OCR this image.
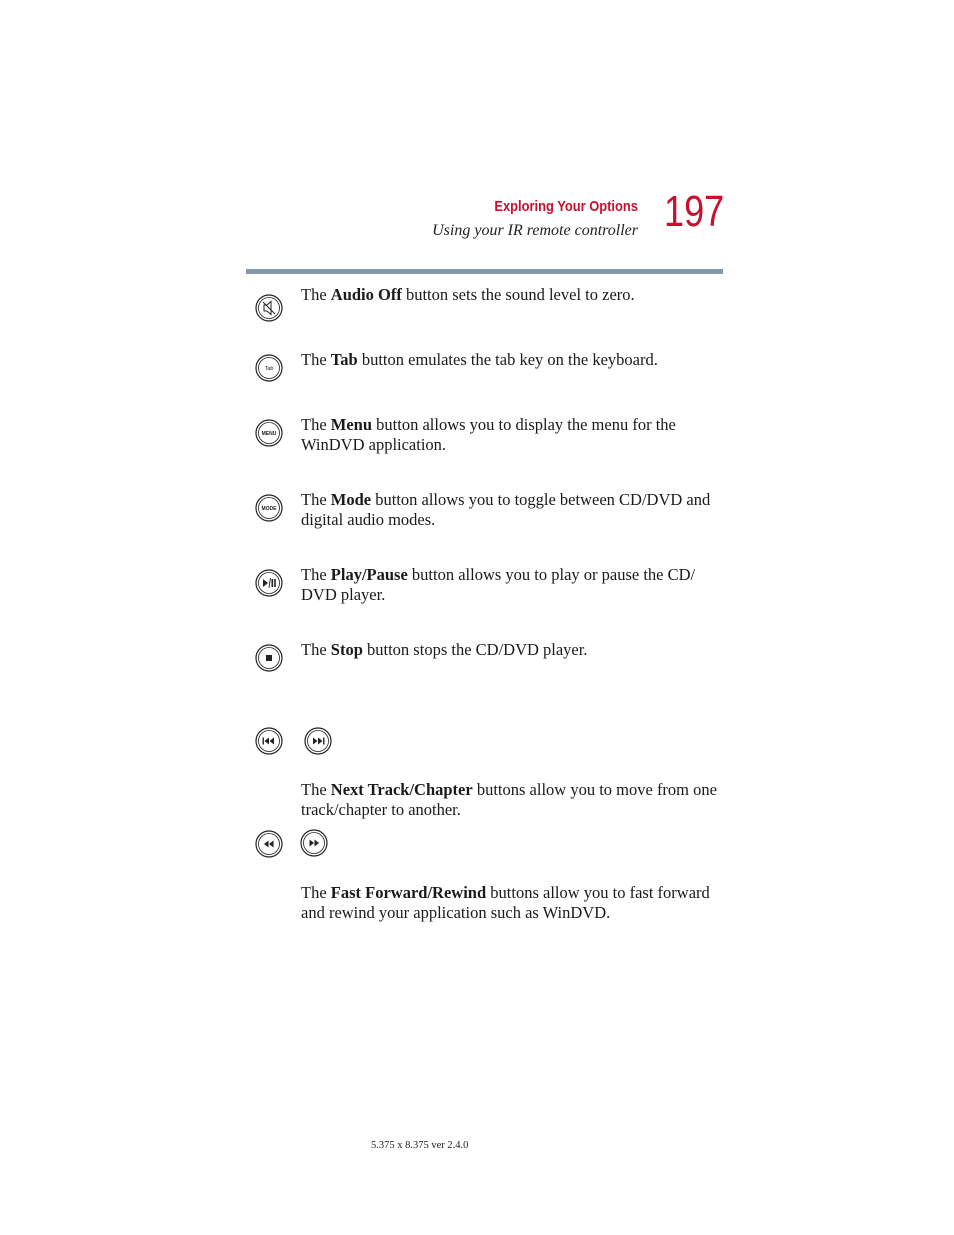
Exploring Your Options
Using your IR remote controller 197
The Audio Off button sets the sound level to zero.
Tab The Tab button emulates the tab key on the keyboard.
MENU The Menu button allows you to display the menu for the WinDVD application.
MODE The Mode button allows you to toggle between CD/DVD and digital audio modes.
The Play/Pause button allows you to play or pause the CD/ DVD player.
The Stop button stops the CD/DVD player.
The Next Track/Chapter buttons allow you to move from one track/chapter to another.
The Fast Forward/Rewind buttons allow you to fast forward and rewind your application such as WinDVD.
5.375 x 8.375 ver 2.4.0
